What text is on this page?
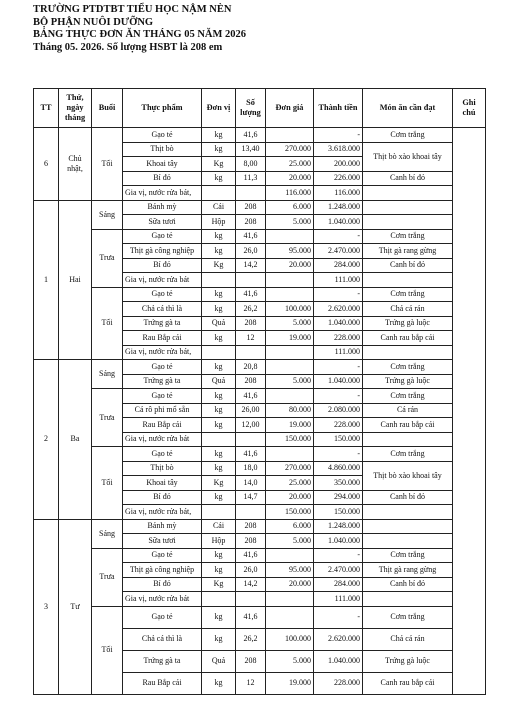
TRƯỜNG PTDTBT TIỂU HỌC NẬM NÈN
BỘ PHẬN NUÔI DƯỠNG
BẢNG THỰC ĐƠN ĂN THÁNG 05 NĂM 2026
Tháng 05. 2026. Số lượng HSBT là 208 em
TT	Thứ, ngày tháng	Buổi	Thực phẩm	Đơn vị	Số lượng	Đơn giá	Thành tiền	Món ăn cần đạt	Ghi chú
6	Chủ nhật,	Tối	Gạo tẻ	kg	41,6		-	Cơm trắng	
			Thịt bò	kg	13,40	270.000	3.618.000	Thịt bò xào khoai tây	
			Khoai tây	Kg	8,00	25.000	200.000		
			Bí đỏ	kg	11,3	20.000	226.000	Canh bí đỏ	
			Gia vị, nước rửa bát,			116.000	116.000		
1	Hai	Sáng	Bánh mỳ	Cái	208	6.000	1.248.000		
			Sữa tươi	Hộp	208	5.000	1.040.000		
		Trưa	Gạo tẻ	kg	41,6		-	Cơm trắng	
			Thịt gà công nghiệp	kg	26,0	95.000	2.470.000	Thịt gà rang gừng	
			Bí đỏ	Kg	14,2	20.000	284.000	Canh bí đỏ	
			Gia vị, nước rửa bát				111.000		
		Tối	Gạo tẻ	kg	41,6		-	Cơm trắng	
			Chả cá thì là	kg	26,2	100.000	2.620.000	Chả cá rán	
			Trứng gà ta	Quả	208	5.000	1.040.000	Trứng gà luộc	
			Rau Bắp cải	kg	12	19.000	228.000	Canh rau bắp cải	
			Gia vị, nước rửa bát,				111.000		
2	Ba	Sáng	Gạo tẻ	kg	20,8		-	Cơm trắng	
			Trứng gà ta	Quả	208	5.000	1.040.000	Trứng gà luộc	
		Trưa	Gạo tẻ	kg	41,6		-	Cơm trắng	
			Cá rô phi mổ sẵn	kg	26,00	80.000	2.080.000	Cá rán	
			Rau Bắp cải	kg	12,00	19.000	228.000	Canh rau bắp cải	
			Gia vị, nước rửa bát			150.000	150.000		
		Tối	Gạo tẻ	kg	41,6		-	Cơm trắng	
			Thịt bò	kg	18,0	270.000	4.860.000	Thịt bò xào khoai tây	
			Khoai tây	Kg	14,0	25.000	350.000		
			Bí đỏ	kg	14,7	20.000	294.000	Canh bí đỏ	
			Gia vị, nước rửa bát,			150.000	150.000		
3	Tư	Sáng	Bánh mỳ	Cái	208	6.000	1.248.000		
			Sữa tươi	Hộp	208	5.000	1.040.000		
		Trưa	Gạo tẻ	kg	41,6		-	Cơm trắng	
			Thịt gà công nghiệp	kg	26,0	95.000	2.470.000	Thịt gà rang gừng	
			Bí đỏ	Kg	14,2	20.000	284.000	Canh bí đỏ	
			Gia vị, nước rửa bát				111.000		
		Tối	Gạo tẻ	kg	41,6		-	Cơm trắng	
			Chả cá thì là	kg	26,2	100.000	2.620.000	Chả cá rán	
			Trứng gà ta	Quả	208	5.000	1.040.000	Trứng gà luộc	
			Rau Bắp cải	kg	12	19.000	228.000	Canh rau bắp cải	
